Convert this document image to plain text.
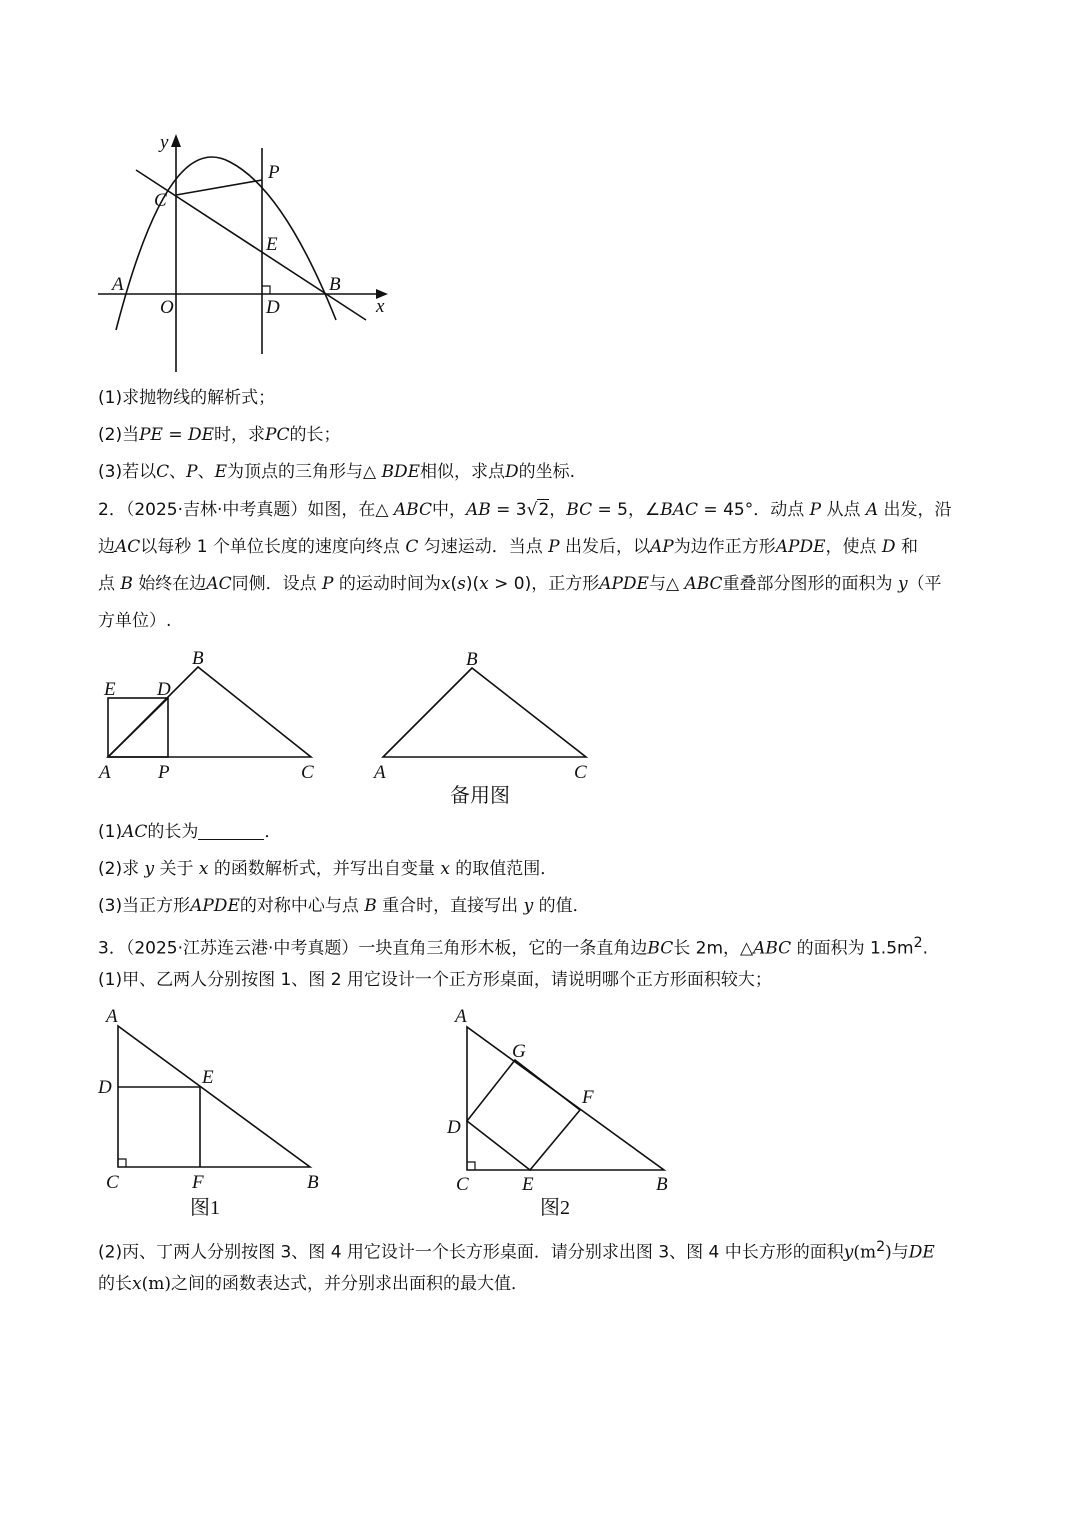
y
x
P
C
E
A
O	D
B
(1)求抛物线的解析式；
(2)当PE = DE时，求PC的长；
(3)若以C、P、E为顶点的三角形与△ BDE相似，求点D的坐标.
2．（2025·吉林·中考真题）如图，在△ ABC中，AB = 3√2，BC = 5，∠BAC = 45°．动点 P 从点 A 出发，沿
边AC以每秒 1 个单位长度的速度向终点 C 匀速运动．当点 P 出发后，以AP为边作正方形APDE，使点 D 和
点 B 始终在边AC同侧．设点 P 的运动时间为x(s)(x > 0)，正方形APDE与△ ABC重叠部分图形的面积为 y（平
方单位）.
E D
B
A P	C
B
A	C
备用图
(1)AC的长为	．
(2)求 y 关于 x 的函数解析式，并写出自变量 x 的取值范围．
(3)当正方形APDE的对称中心与点 B 重合时，直接写出 y 的值．
3．（2025·江苏连云港·中考真题）一块直角三角形木板，它的一条直角边BC长 2m，△ABC 的面积为 $1.5m^2$.
(1)甲、乙两人分别按图 1、图 2 用它设计一个正方形桌面，请说明哪个正方形面积较大；
A
D	E
C	F	B
图1
A
G
F
D
C	E	B
图2
(2)丙、丁两人分别按图 3、图 4 用它设计一个长方形桌面．请分别求出图 3、图 4 中长方形的面积$y(m^2)$与DE
的长x(m)之间的函数表达式，并分别求出面积的最大值．
